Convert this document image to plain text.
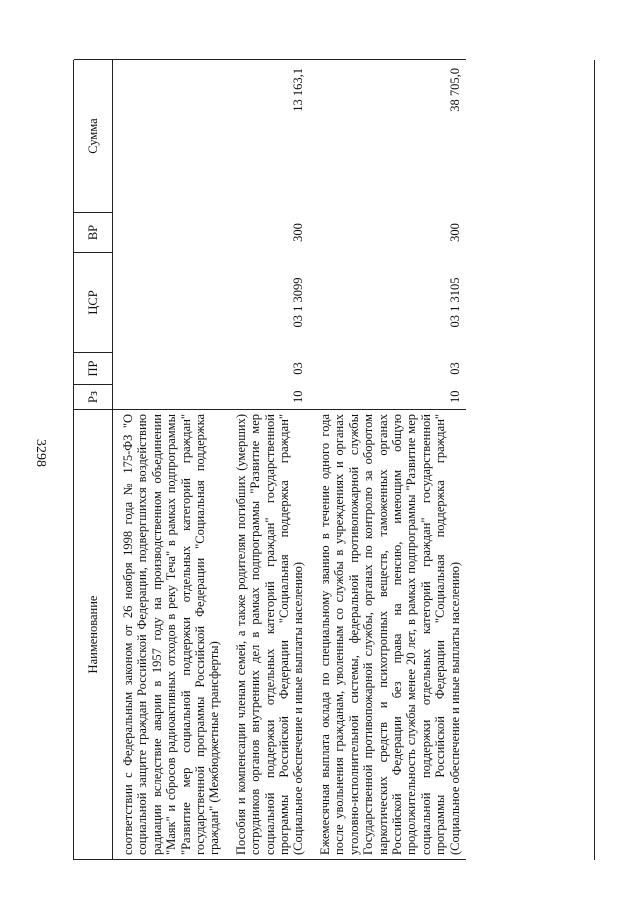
3298
Наименование	Рз	ПР	ЦСР	ВР	Сумма
соответствии с Федеральным законом от 26 ноября 1998 года № 175-ФЗ "О социальной защите граждан Российской Федерации, подвергшихся воздействию радиации вследствие аварии в 1957 году на производственном объединении "Маяк" и сбросов радиоактивных отходов в реку Теча" в рамках подпрограммы "Развитие мер социальной поддержки отдельных категорий граждан" государственной программы Российской Федерации "Социальная поддержка граждан" (Межбюджетные трансферты)					
Пособия и компенсации членам семей, а также родителям погибших (умерших) сотрудников органов внутренних дел в рамках подпрограммы "Развитие мер социальной поддержки отдельных категорий граждан" государственной программы Российской Федерации "Социальная поддержка граждан" (Социальное обеспечение и иные выплаты населению)	10	03	03 1 3099	300	13 163,1
Ежемесячная выплата оклада по специальному званию в течение одного года после увольнения гражданам, уволенным со службы в учреждениях и органах уголовно-исполнительной системы, федеральной противопожарной службы Государственной противопожарной службы, органах по контролю за оборотом наркотических средств и психотропных веществ, таможенных органах Российской Федерации без права на пенсию, имеющим общую продолжительность службы менее 20 лет, в рамках подпрограммы "Развитие мер социальной поддержки отдельных категорий граждан" государственной программы Российской Федерации "Социальная поддержка граждан" (Социальное обеспечение и иные выплаты населению)	10	03	03 1 3105	300	38 705,0
